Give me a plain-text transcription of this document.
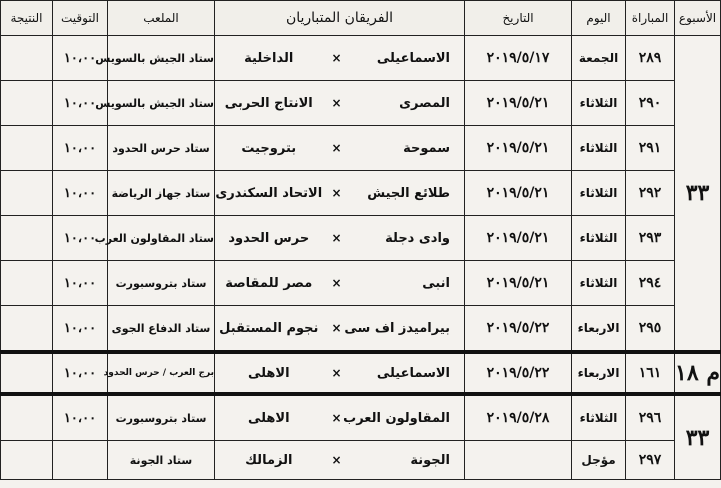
الأسبوع	المباراة	اليوم	التاريخ	الفريقان المتباريان			الملعب	التوقيت	النتيجة
٣٣	٢٨٩	الجمعة	٢٠١٩/٥/١٧	الاسماعيلى	×	الداخلية	ستاد الجيش بالسويس	١٠،٠٠	
	٢٩٠	الثلاثاء	٢٠١٩/٥/٢١	المصرى	×	الانتاج الحربى	ستاد الجيش بالسويس	١٠،٠٠	
	٢٩١	الثلاثاء	٢٠١٩/٥/٢١	سموحة	×	بتروجيت	ستاد حرس الحدود	١٠،٠٠	
	٢٩٢	الثلاثاء	٢٠١٩/٥/٢١	طلائع الجيش	×	الاتحاد السكندرى	ستاد جهاز الرياضة	١٠،٠٠	
	٢٩٣	الثلاثاء	٢٠١٩/٥/٢١	وادى دجلة	×	حرس الحدود	ستاد المقاولون العرب	١٠،٠٠	
	٢٩٤	الثلاثاء	٢٠١٩/٥/٢١	انبى	×	مصر للمقاصة	ستاد بتروسبورت	١٠،٠٠	
	٢٩٥	الاربعاء	٢٠١٩/٥/٢٢	بيراميدز اف سى	×	نجوم المستقبل	ستاد الدفاع الجوى	١٠،٠٠	
م ١٨	١٦١	الاربعاء	٢٠١٩/٥/٢٢	الاسماعيلى	×	الاهلى	برج العرب / حرس الحدود	١٠،٠٠	
٣٣	٢٩٦	الثلاثاء	٢٠١٩/٥/٢٨	المقاولون العرب	×	الاهلى	ستاد بتروسبورت	١٠،٠٠	
	٢٩٧	مؤجل		الجونة	×	الزمالك	ستاد الجونة		
